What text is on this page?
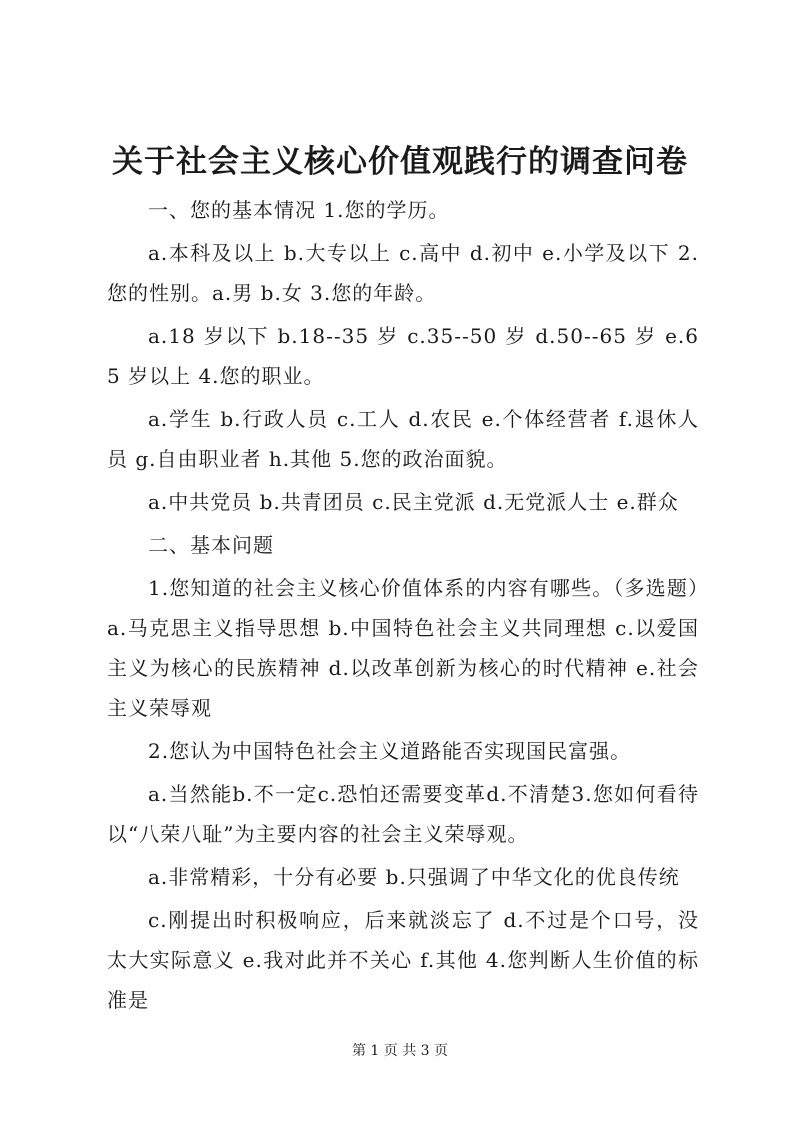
关于社会主义核心价值观践行的调查问卷

一、您的基本情况 1.您的学历。

a.本科及以上 b.大专以上 c.高中 d.初中 e.小学及以下 2.您的性别。a.男 b.女 3.您的年龄。

a.18 岁以下 b.18--35 岁 c.35--50 岁 d.50--65 岁 e.65 岁以上 4.您的职业。

a.学生 b.行政人员 c.工人 d.农民 e.个体经营者 f.退休人员 g.自由职业者 h.其他 5.您的政治面貌。

a.中共党员 b.共青团员 c.民主党派 d.无党派人士 e.群众

二、基本问题

1.您知道的社会主义核心价值体系的内容有哪些。（多选题）a.马克思主义指导思想 b.中国特色社会主义共同理想 c.以爱国主义为核心的民族精神 d.以改革创新为核心的时代精神 e.社会主义荣辱观

2.您认为中国特色社会主义道路能否实现国民富强。

a.当然能b.不一定c.恐怕还需要变革d.不清楚3.您如何看待以“八荣八耻”为主要内容的社会主义荣辱观。

a.非常精彩，十分有必要 b.只强调了中华文化的优良传统

c.刚提出时积极响应，后来就淡忘了 d.不过是个口号，没太大实际意义 e.我对此并不关心 f.其他 4.您判断人生价值的标准是

第 1 页 共 3 页
